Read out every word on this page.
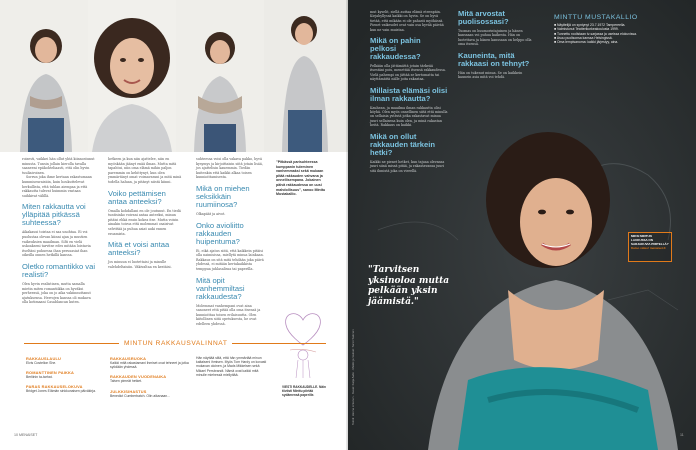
roisesti, vaikkei hän ollut yhtä kiinnostunut minusta. Tunsin jollain kierolla tavalla saaneeni epäkohteliaasti, että olin hyvin tuuliaivoinen.

Sorrun joka ihme kertaan rakastumaan kummiseuraisiiin, kuin houkuttelevat herkullista, että tuhlan aiempaa ja että rakkautta tulevat huimmin vastaan suihkivat välillä.

Miten rakkautta voi ylläpitää pitkässä suhteessa?

Aikakausi toistaa ei saa unohtaa. Ei voi puolustaa olevan kiinni ajan ja mustien vaikeuksien maailman. Silti en vielä uskoakseni tarvitse edes mitään loistavia itseltäni puhuessa ihan perusasiat ihan oikeilla onnen hetkillä kanssa.

Oletko romantikko vai realisti?

Olen hyvin realistinen, mutta samalla mietin miten romantiikka on hyväksi perheessä, joka on jo aika vakiinnuttanut ajatuksensa. Herrojen kanssa oli mukava olla kotimaani Casablancan kuten.

hetkeen ja kun niin ajattelee, niin en myöskään jäänyt enää ilman. Mutta mitä tapahtui, niin oma elämä mihin paljon paremmin on kehittynyt, kun olen ymmärtänyt omat voimavarani ja mitä minä todella haluan, ja pitänyt niistä kiinni.

Voiko pettämisen antaa anteeksi?

Omalla kohdallani en ole joutunut. En tiedä tuntisinko voivani antaa anteeksi, minun pitäisi ehkä ensin kokea itse. Mutta voisin ainakin toivoa että molemmat osaisivat selvittää ja puhua asiat auki ennen eroamista.

Mitä et voisi antaa anteeksi?

Jos minuun ei luotettaisi ja minulle valehdeltaisiin. Väkivaltaa en kestäisi.

suhteessa voisi olla vakava pakko, hyvä kysymys ja kirjoittaisin siitä jotain lisää, jos ajattelisin kauemmin. Tiedän kuitenkin että kaikki alkaa toisen kunnioittamisesta.

Mikä on miehen seksikkäin ruumiinosa?

Olkapäät ja aivot.

Onko avioliitto rakkauden huipentuma?

Ei, eikä ajatus siitä, että kaikkein pitäisi olla naimisissa, miellytä minua lainkaan. Rakkaus on sitä mitä tehdään joka päivä yhdessä, ei mitään kertakaikkista temppua juhlasalissa tai paperilla.

Mitä opit vanhemmiltasi rakkaudesta?

Molemmat vanhempani ovat aina sanoneet että pitää olla oma itsensä ja kunnioittaa toisen erilaisuutta. Olen kiitollinen siitä opetuksesta, he ovat edelleen yhdessä.

"Pitkässä parisuhteessa kumppanin tuleminen vanhemmaksi sekä mukaan pitää rakkauden vahvana ja onnellisempana. Jokainen päivä rakkaudessa on uusi mahdollisuus", sanoo Minttu Mustakallio.

VIESTI RAKKAUDELLE. Näin tiiviisti Minttu piirtää sydämensä paperille.
MINTUN RAKKAUSVALINNAT
RAKKAUSLAULU
Elvis Costellon She.
ROMANTTINEN PAIKKA
Berliinin ta-tarhat.
PARAS RAKKAUSELOKUVA
Bridget Jones Elämän sinkkunaisen päiväkirja.
RAKKAUSRUOKA
Kaikki mitä rakastamani ihmiset ovat tehneet ja jotka syödään yhdessä.
RAKKAUDEN VUODENAIKA
Talven pimeät hetket.
JULKKISIHASTUS
Benedict Cumberbatch. Olin aikanaan...
Hän näyttää siltä, että hän ymmärtää minun kaltaiseni ihmisen. Myös Tom Hardy on kovasti mukavan oloinen, ja Mads Mikkelsen sekä Mikael Persbrandt. Nämä ovat kaikki mitä minulle miehessä miellyttää.
10 MENAISET

mut kyselit, siellä auttaa elämä eteenpäin. Kirjahyllyssä kaikki on hyvin. Se on hyvä tietää, että mikään ei ole pahasti myöhässä. Pienet vaikeudet ovat vain osa hyvää päivää kun ne vain muistaa.

Mikä on pahin pelkosi rakkaudessa?

Pelkään olla jättämättä jotain tärkeää itsestäni pois, menettää itsensä rakkaudessa. Vielä pahempi on jättää se kertomatta tai näyttämättä niille joita rakastaa.

Millaista elämäsi olisi ilman rakkautta?

Kauhean, ja maailma ilman rakkautta olisi köyhä. Olen myös onnellinen siitä että minulla on sellaisia ystäviä jotka rakastavat minua juuri sellaisena kuin olen, ja minä rakastan heitä. Rakkaus on kaikki.

Mikä on ollut rakkauden tärkein hetki?

Kaikki ne pienet hetket, kun tajuaa olevansa juuri siinä missä pitää, ja rakastavansa juuri sitä ihmistä joka on vierellä.

Mitä arvostat puolisossasi?

Tuomas on huumorintajuinen ja hänen kanssaan voi puhua kaikesta. Hän on luotettava ja hänen kanssaan on helppo olla oma itsensä.

Kauneinta, mitä rakkaasi on tehnyt?

Hän on tukenut minua. Se on kaikkein kaunein asia mitä voi tehdä.

MINTTU MUSTAKALLIO
■ Näyttelijä on syntynyt 23.7.1972 Tampereella.
■ Valmistunut Teatterikorkeakoulusta 1999.
■ Tunnettu roolistaan tv-sarjassa ja useissa elokuvissa.
■ Asuu puolisonsa kanssa Helsingissä.
■ Oma lempisanoma: kaikki järjestyy, aina.
Teksti: Hanna Lintunen · Kuvat: Katja Aalto · Meikki ja hiukset: Sanni Salonen
"Tarvitsen yksinoloa mutta pelkään yksin jäämistä."
MIKSI MINTUN LAUKUSSA ON SARJAKUVIA PIIRTELLÄ?
Katso video! menaiset.fi
11
